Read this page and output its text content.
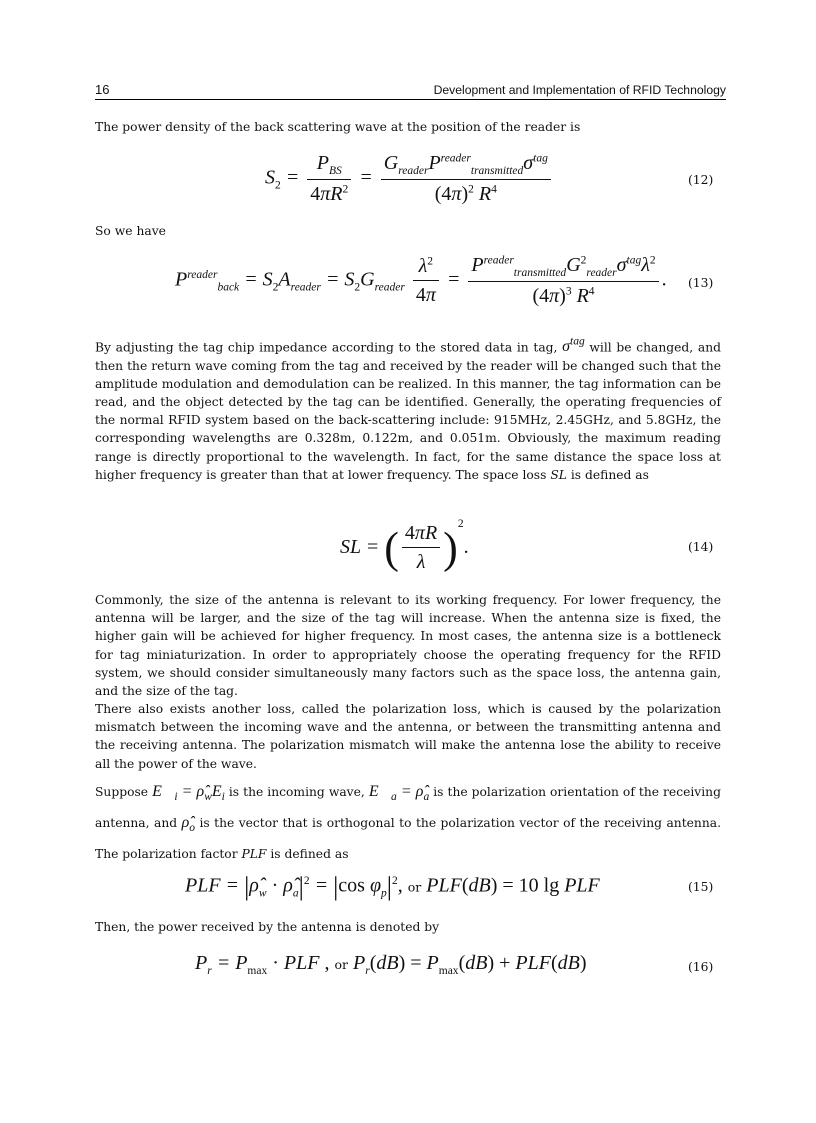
16	Development and Implementation of RFID Technology
The power density of the back scattering wave at the position of the reader is
$S_2 = \frac{P_{BS}}{4\pi R^2} = \frac{G_{reader}P^{reader}_{transmitted}\sigma^{tag}}{(4\pi)^2 R^4}$	(12)
So we have
$P^{reader}_{back} = S_2A_{reader} = S_2G_{reader} \frac{\lambda^2}{4\pi} = \frac{P^{reader}_{transmitted}G^2_{reader}\sigma^{tag}\lambda^2}{(4\pi)^3 R^4}$ . (13)
By adjusting the tag chip impedance according to the stored data in tag, $\sigma^{tag}$ will be changed, and then the return wave coming from the tag and received by the reader will be changed such that the amplitude modulation and demodulation can be realized. In this manner, the tag information can be read, and the object detected by the tag can be identified. Generally, the operating frequencies of the normal RFID system based on the back-scattering include: 915MHz, 2.45GHz, and 5.8GHz, the corresponding wavelengths are 0.328m, 0.122m, and 0.051m. Obviously, the maximum reading range is directly proportional to the wavelength. In fact, for the same distance the space loss at higher frequency is greater than that at lower frequency. The space loss SL is defined as
SL = ( $\frac{4\pi R}{\lambda} )^2$.	(14)
Commonly, the size of the antenna is relevant to its working frequency. For lower frequency, the antenna will be larger, and the size of the tag will increase. When the antenna size is fixed, the higher gain will be achieved for higher frequency. In most cases, the antenna size is a bottleneck for tag miniaturization. In order to appropriately choose the operating frequency for the RFID system, we should consider simultaneously many factors such as the space loss, the antenna gain, and the size of the tag.
There also exists another loss, called the polarization loss, which is caused by the polarization mismatch between the incoming wave and the antenna, or between the transmitting antenna and the receiving antenna. The polarization mismatch will make the antenna lose the ability to receive all the power of the wave.
Suppose $E⃗_i$ = $\rhô_wE_i$ is the incoming wave, $E⃗_a$ = $\rhô_a$ is the polarization orientation of the receiving antenna, and $\rhô_o$ is the vector that is orthogonal to the polarization vector of the receiving antenna. The polarization factor PLF is defined as
PLF = $|\rhô_w$ · $\rhô_a|^2 = |\cos$ $\varphi_p|^2$, or PLF(dB) = 10 lg PLF	(15)
Then, the power received by the antenna is denoted by
$P_r = P_{max}$ · PLF , or $P_r(dB) = P_{max}(dB) + PLF(dB)$	(16)
